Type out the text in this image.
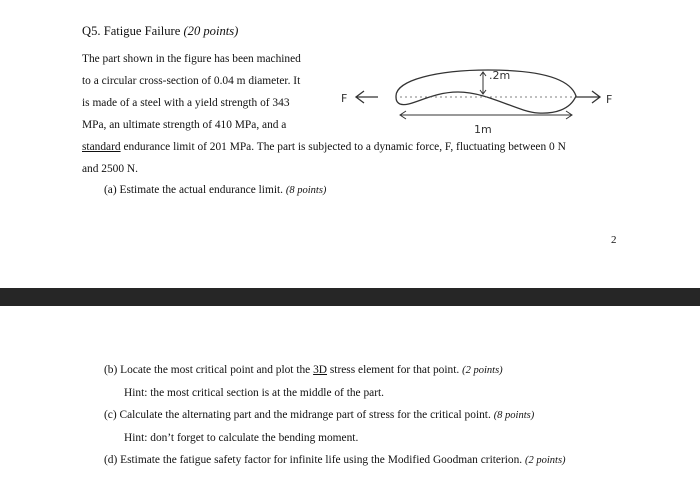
Q5. Fatigue Failure (20 points)
The part shown in the figure has been machined
to a circular cross-section of 0.04 m diameter. It
is made of a steel with a yield strength of 343
MPa, an ultimate strength of 410 MPa, and a
standard endurance limit of 201 MPa. The part is subjected to a dynamic force, F, fluctuating between 0 N
and 2500 N.
(a) Estimate the actual endurance limit. (8 points)
2
F
.2m
F
1m
(b) Locate the most critical point and plot the 3D stress element for that point. (2 points)
Hint: the most critical section is at the middle of the part.
(c) Calculate the alternating part and the midrange part of stress for the critical point. (8 points)
Hint: don’t forget to calculate the bending moment.
(d) Estimate the fatigue safety factor for infinite life using the Modified Goodman criterion. (2 points)
